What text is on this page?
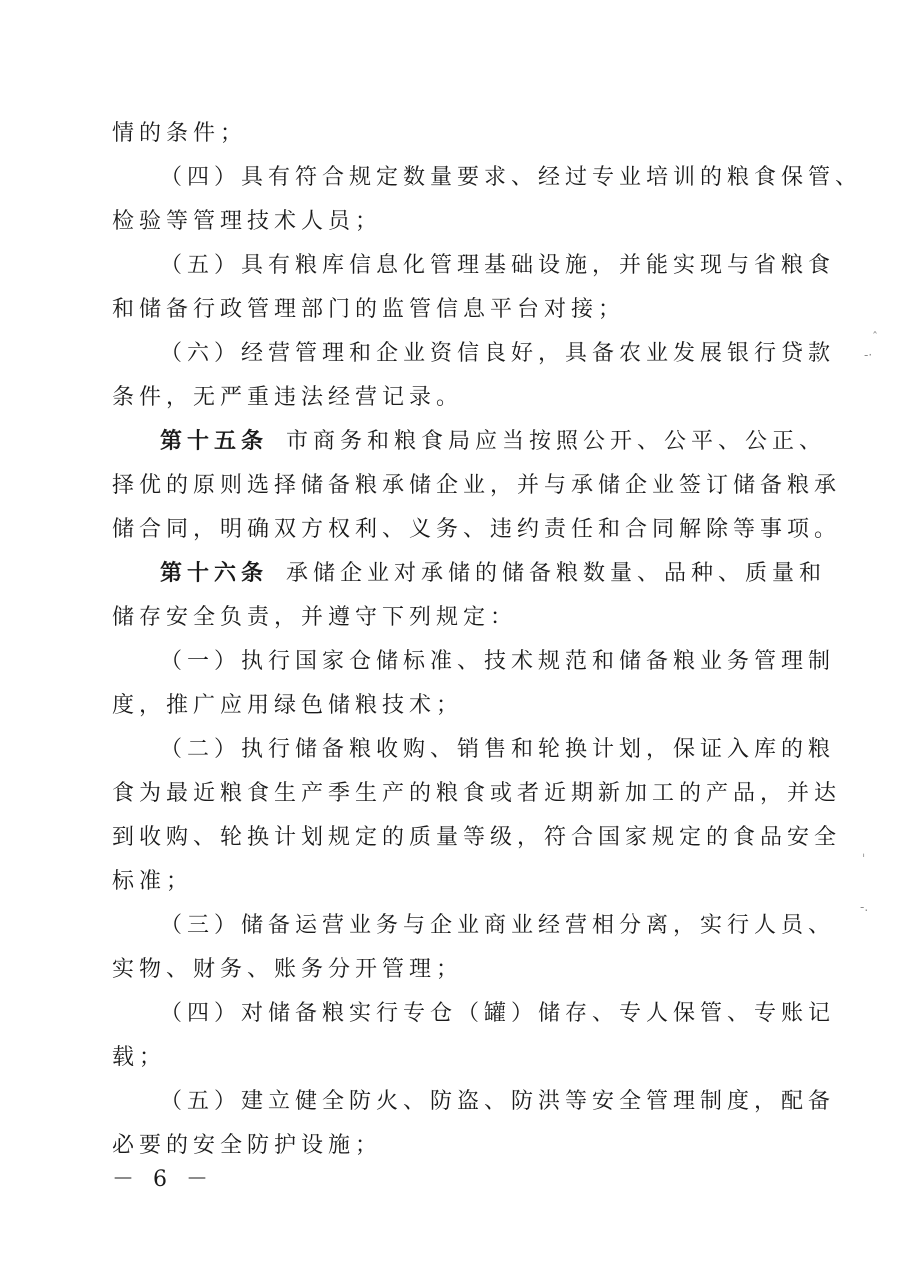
情的条件；
（四）具有符合规定数量要求、经过专业培训的粮食保管、
检验等管理技术人员；
（五）具有粮库信息化管理基础设施，并能实现与省粮食
和储备行政管理部门的监管信息平台对接；
（六）经营管理和企业资信良好，具备农业发展银行贷款
条件，无严重违法经营记录。
第十五条 市商务和粮食局应当按照公开、公平、公正、
择优的原则选择储备粮承储企业，并与承储企业签订储备粮承
储合同，明确双方权利、义务、违约责任和合同解除等事项。
第十六条 承储企业对承储的储备粮数量、品种、质量和
储存安全负责，并遵守下列规定：
（一）执行国家仓储标准、技术规范和储备粮业务管理制
度，推广应用绿色储粮技术；
（二）执行储备粮收购、销售和轮换计划，保证入库的粮
食为最近粮食生产季生产的粮食或者近期新加工的产品，并达
到收购、轮换计划规定的质量等级，符合国家规定的食品安全
标准；
（三）储备运营业务与企业商业经营相分离，实行人员、
实物、财务、账务分开管理；
（四）对储备粮实行专仓（罐）储存、专人保管、专账记
载；
（五）建立健全防火、防盗、防洪等安全管理制度，配备
必要的安全防护设施；
－ 6 －
ˆ
-·
ˈ
-.
